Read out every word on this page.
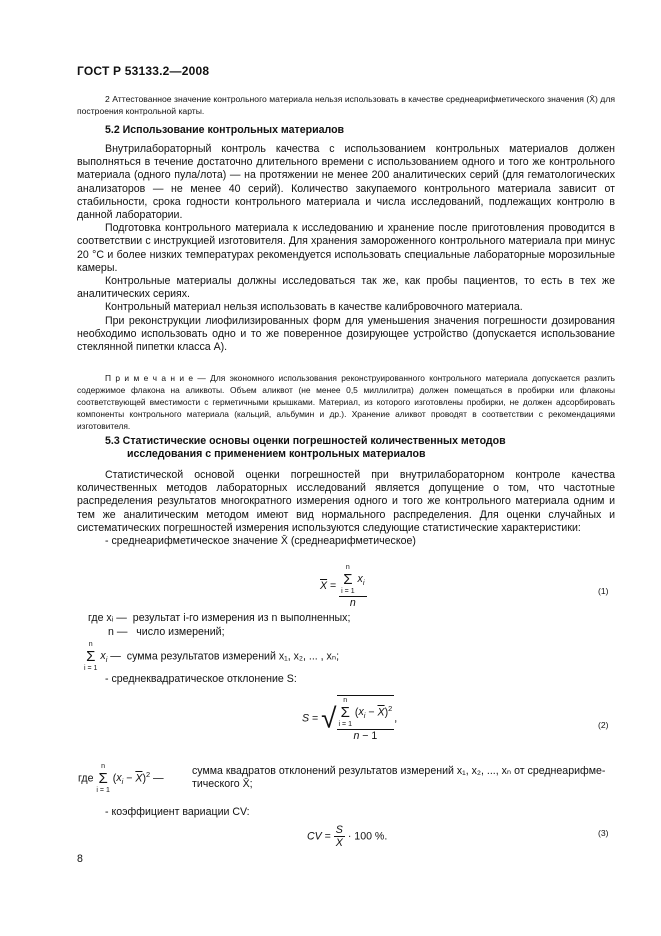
ГОСТ Р 53133.2—2008
2 Аттестованное значение контрольного материала нельзя использовать в качестве среднеарифметического значения (X̄) для построения контрольной карты.
5.2 Использование контрольных материалов

Внутрилабораторный контроль качества с использованием контрольных материалов должен выполняться в течение достаточно длительного времени с использованием одного и того же контрольного материала (одного пула/лота) — на протяжении не менее 200 аналитических серий (для гематологических анализаторов — не менее 40 серий). Количество закупаемого контрольного материала зависит от стабильности, срока годности контрольного материала и числа исследований, подлежащих контролю в данной лаборатории.

Подготовка контрольного материала к исследованию и хранение после приготовления проводится в соответствии с инструкцией изготовителя. Для хранения замороженного контрольного материала при минус 20 °С и более низких температурах рекомендуется использовать специальные лабораторные морозильные камеры.

Контрольные материалы должны исследоваться так же, как пробы пациентов, то есть в тех же аналитических сериях.

Контрольный материал нельзя использовать в качестве калибровочного материала.

При реконструкции лиофилизированных форм для уменьшения значения погрешности дозирования необходимо использовать одно и то же поверенное дозирующее устройство (допускается использование стеклянной пипетки класса А).

П р и м е ч а н и е — Для экономного использования реконструированного контрольного материала допускается разлить содержимое флакона на аликвоты. Объем аликвот (не менее 0,5 миллилитра) должен помещаться в пробирки или флаконы соответствующей вместимости с герметичными крышками. Материал, из которого изготовлены пробирки, не должен адсорбировать компоненты контрольного материала (кальций, альбумин и др.). Хранение аликвот проводят в соответствии с рекомендациями изготовителя.

5.3 Статистические основы оценки погрешностей количественных методов
исследования с применением контрольных материалов

Статистической основой оценки погрешностей при внутрилабораторном контроле качества количественных методов лабораторных исследований является допущение о том, что частотные распределения результатов многократного измерения одного и того же контрольного материала одним и тем же аналитическим методом имеют вид нормального распределения. Для оценки случайных и систематических погрешностей измерения используются следующие статистические характеристики:

- среднеарифметическое значение X̄ (среднеарифметическое)

$\overline{X} = n$
Σ
i = 1
$x_i$
n	(1)
где xᵢ — результат i-го измерения из n выполненных;
n — число измерений;
n
Σ
i = 1
$x_i$ —  сумма результатов измерений x₁, x₂, ... , xₙ;
- среднеквадратическое отклонение S:
S = √ n
Σ
i = 1
$(x_i - \overline{X})^2$
n − 1 ,
(2)
где
n
Σ
i = 1
$(x_i - \overline{X})^2$ —
сумма квадратов отклонений результатов измерений x₁, x₂, ..., xₙ от среднеарифме-
тического X̄;
- коэффициент вариации CV:
CV = $\frac{S}{X} \cdot 100$ %.	(3)
8
